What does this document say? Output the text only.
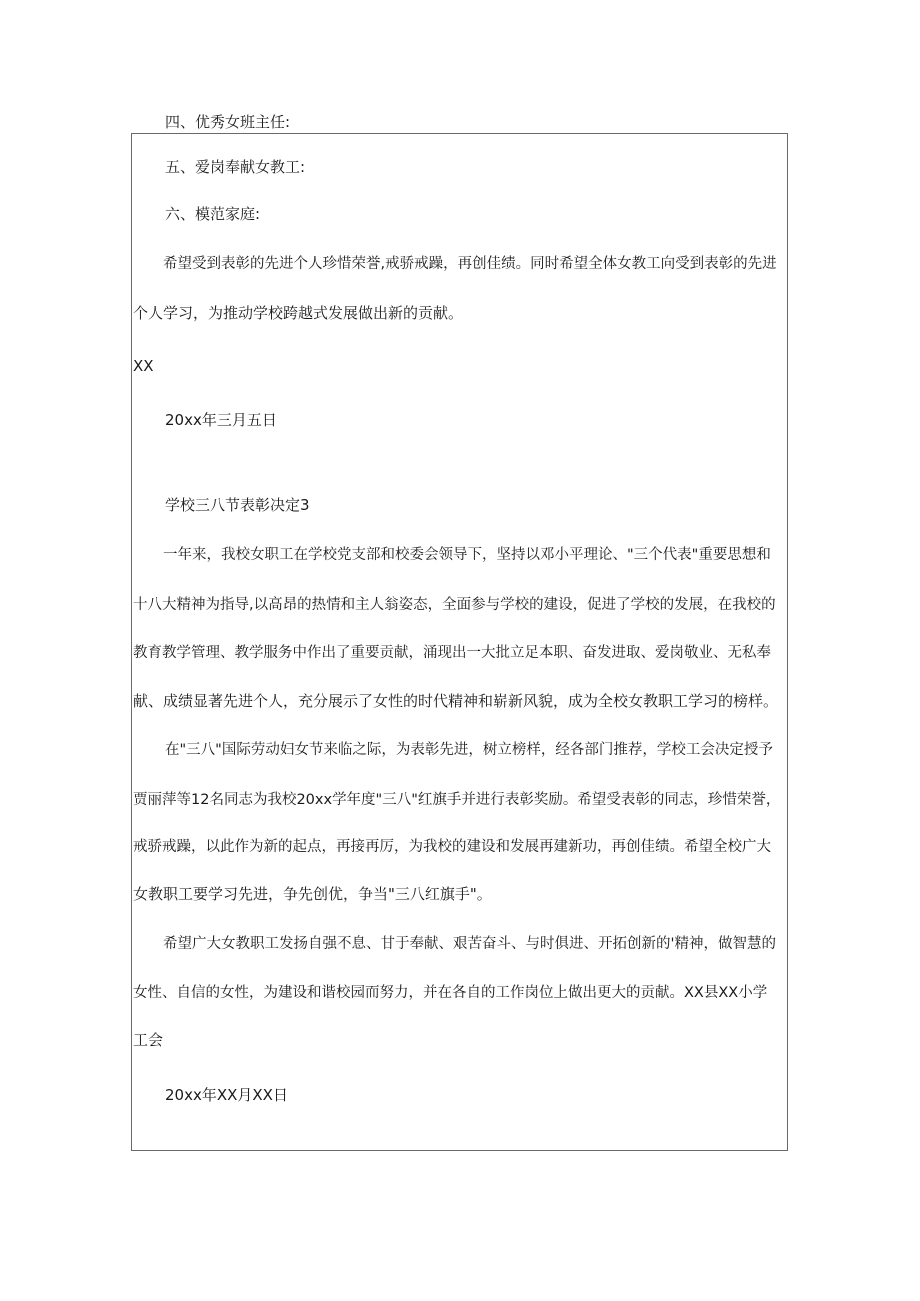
四、优秀女班主任:

五、爱岗奉献女教工:

六、模范家庭:

希望受到表彰的先进个人珍惜荣誉,戒骄戒躁，再创佳绩。同时希望全体女教工向受到表彰的先进

个人学习，为推动学校跨越式发展做出新的贡献。

XX

20xx年三月五日

学校三八节表彰决定3

一年来，我校女职工在学校党支部和校委会领导下，坚持以邓小平理论、"三个代表"重要思想和

十八大精神为指导,以高昂的热情和主人翁姿态，全面参与学校的建设，促进了学校的发展，在我校的

教育教学管理、教学服务中作出了重要贡献，涌现出一大批立足本职、奋发进取、爱岗敬业、无私奉

献、成绩显著先进个人，充分展示了女性的时代精神和崭新风貌，成为全校女教职工学习的榜样。

在"三八"国际劳动妇女节来临之际，为表彰先进，树立榜样，经各部门推荐，学校工会决定授予

贾丽萍等12名同志为我校20xx学年度"三八"红旗手并进行表彰奖励。希望受表彰的同志，珍惜荣誉，

戒骄戒躁，以此作为新的起点，再接再厉，为我校的建设和发展再建新功，再创佳绩。希望全校广大

女教职工要学习先进，争先创优，争当"三八红旗手"。

希望广大女教职工发扬自强不息、甘于奉献、艰苦奋斗、与时俱进、开拓创新的'精神，做智慧的

女性、自信的女性，为建设和谐校园而努力，并在各自的工作岗位上做出更大的贡献。XX县XX小学

工会

20xx年XX月XX日
